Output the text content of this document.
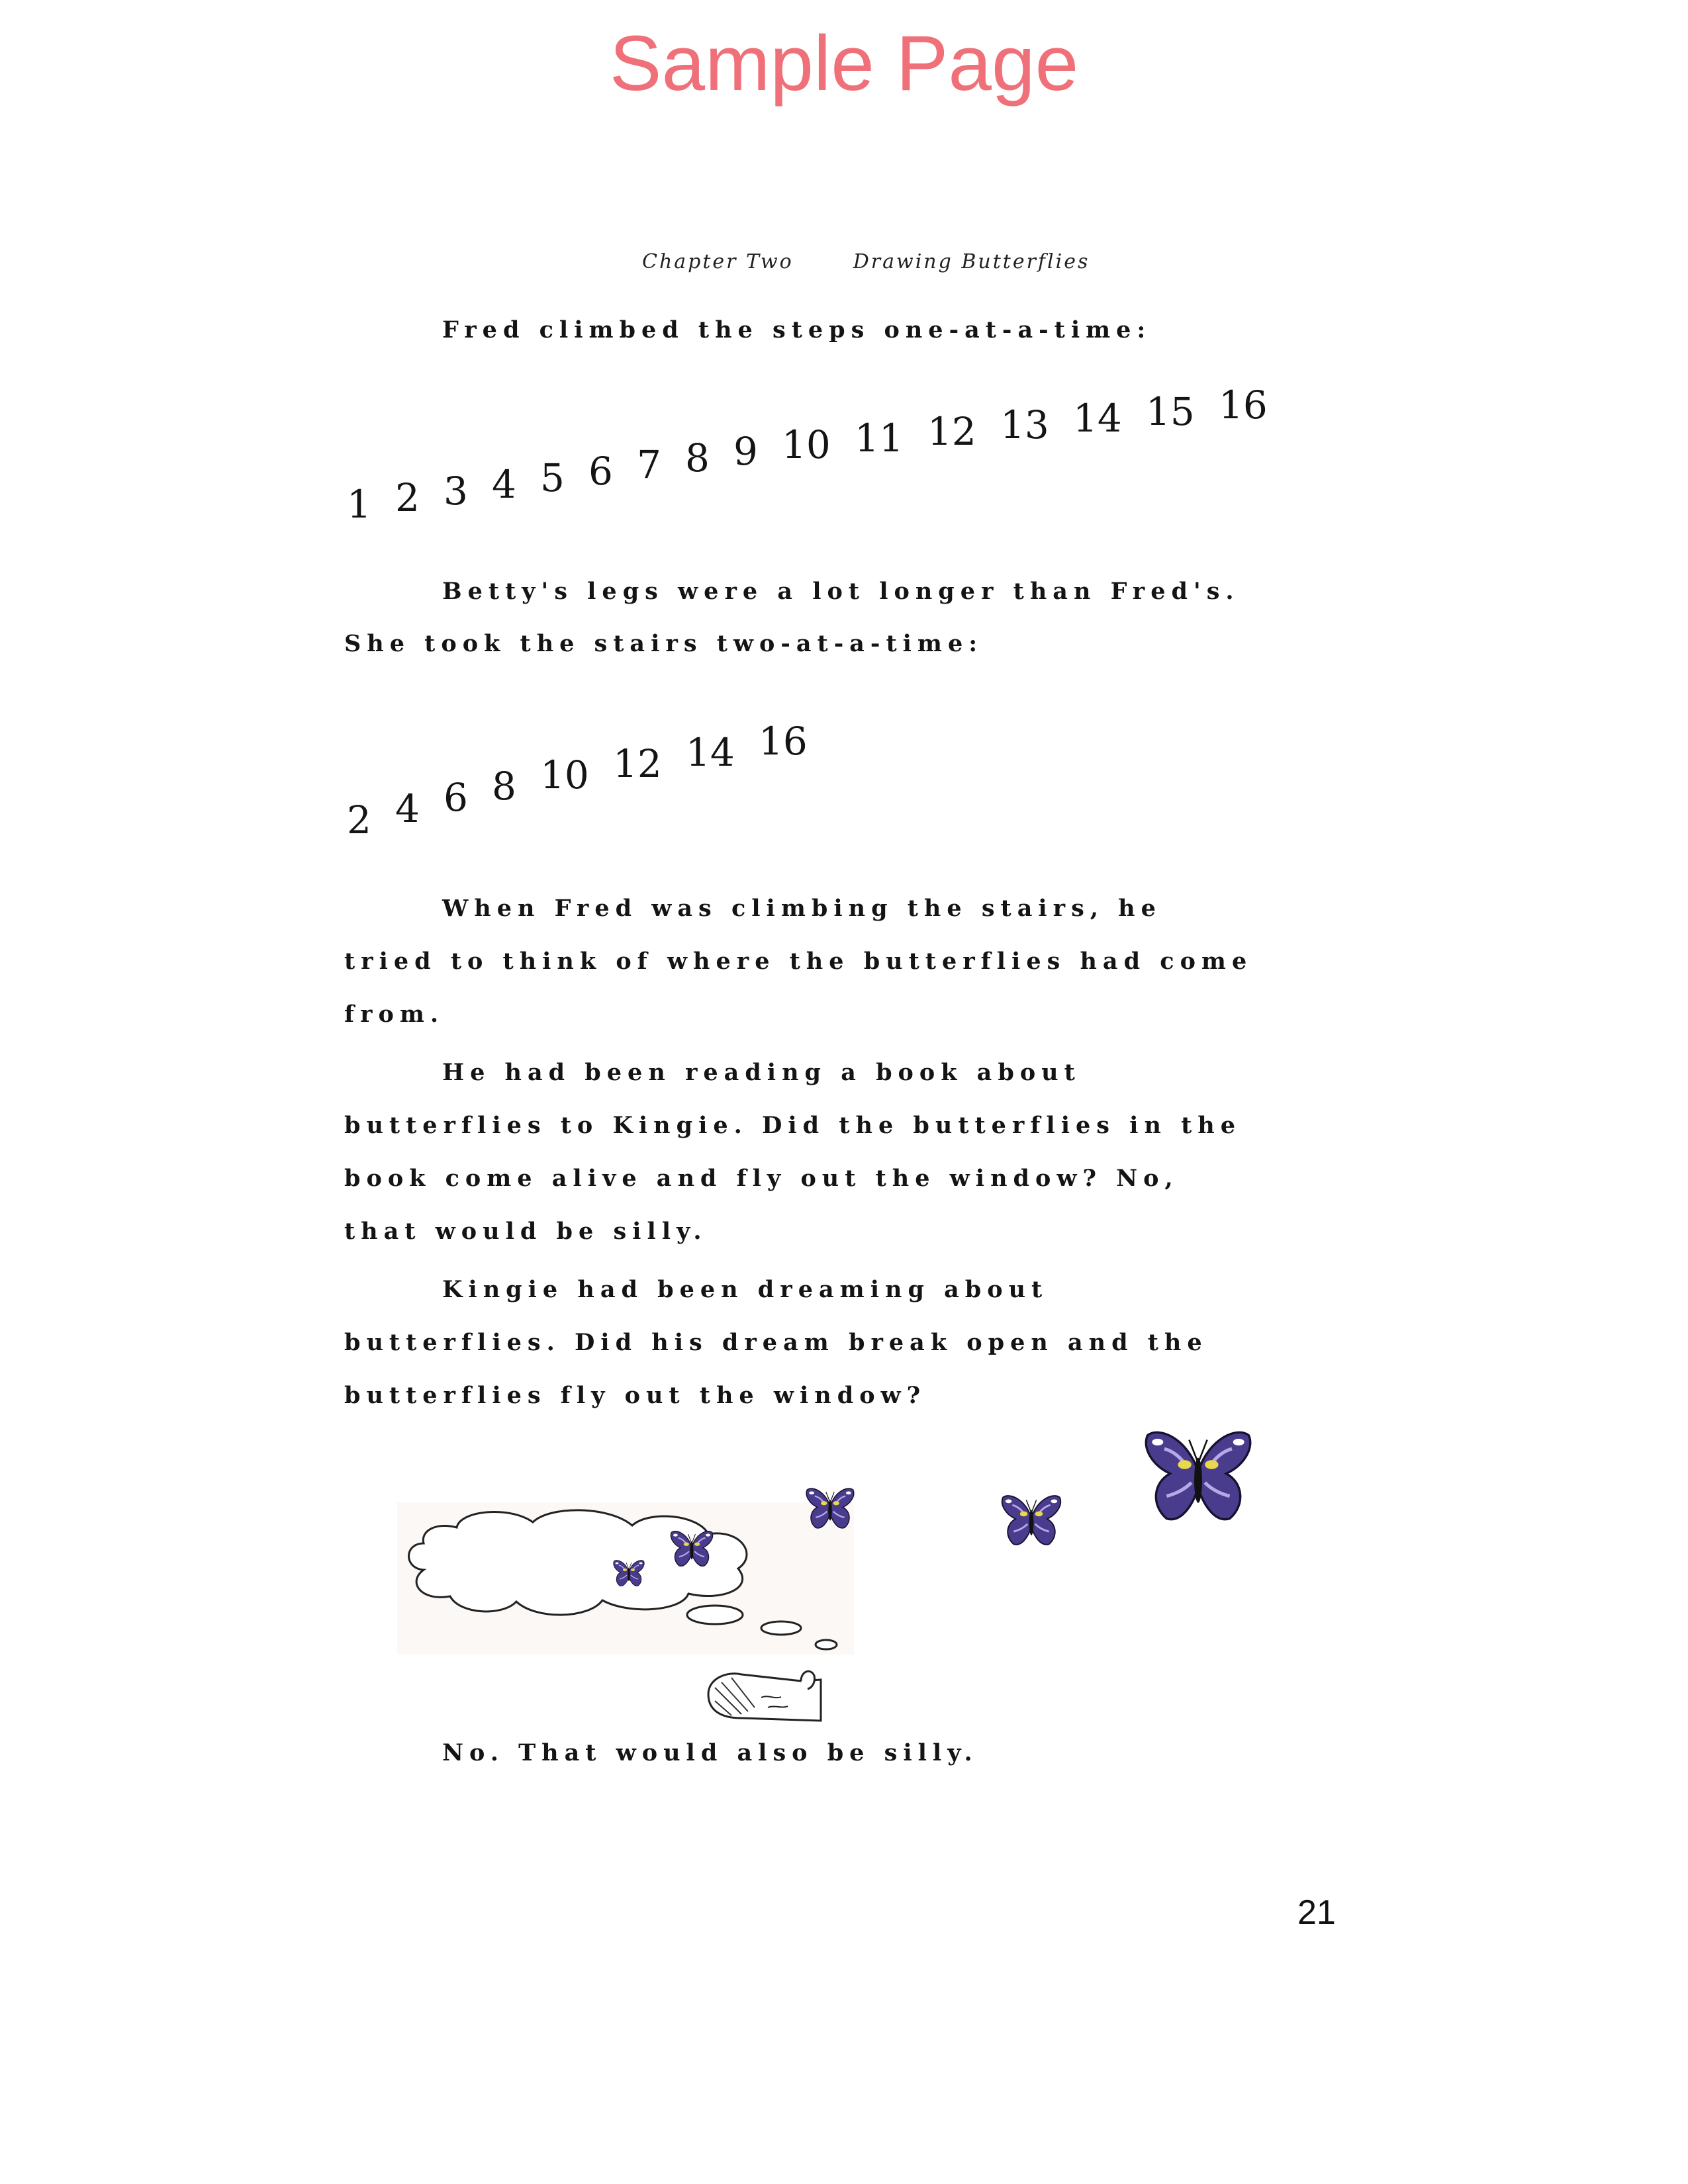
Sample Page
Chapter Two	Drawing Butterflies
Fred climbed the steps one-at-a-time:
1 2 3 4 5 6 7 8 9 10 11 12 13 14 15 16
Betty's legs were a lot longer than Fred's.
She took the stairs two-at-a-time:
2 4 6 8 10 12 14 16
When Fred was climbing the stairs, he
tried to think of where the butterflies had come
from.
He had been reading a book about
butterflies to Kingie. Did the butterflies in the
book come alive and fly out the window? No,
that would be silly.
Kingie had been dreaming about
butterflies. Did his dream break open and the
butterflies fly out the window?
No. That would also be silly.
21
